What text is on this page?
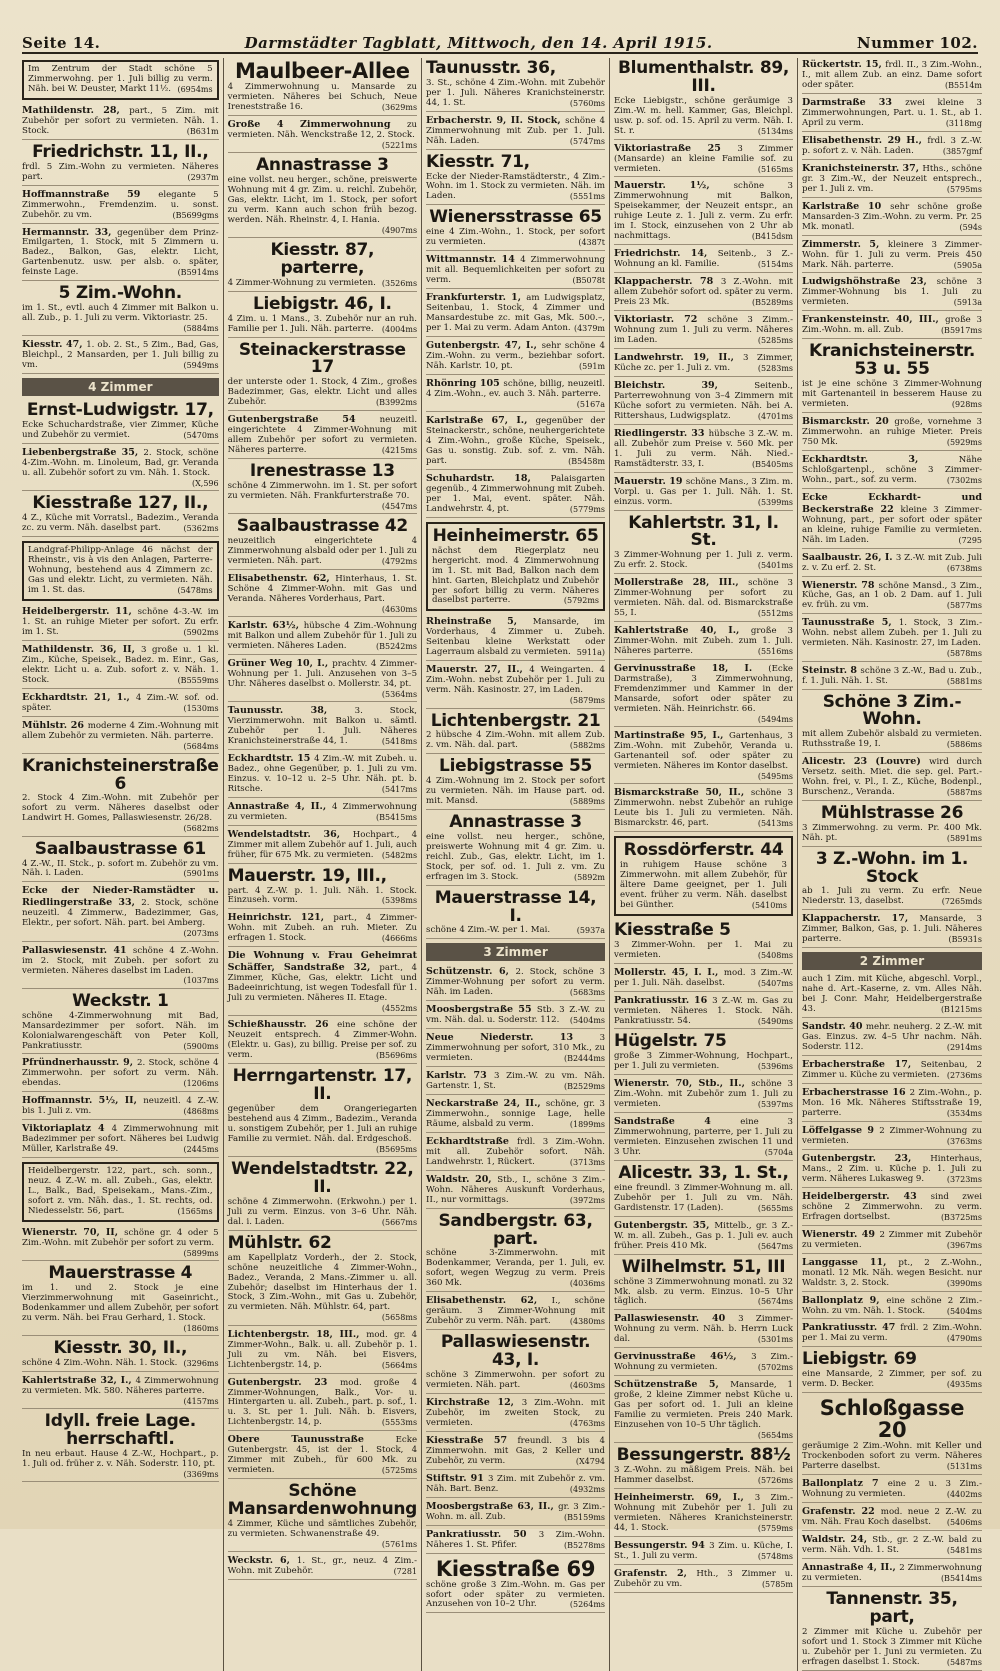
Seite 14.	Darmstädter Tagblatt, Mittwoch, den 14. April 1915.	Nummer 102.
Im Zentrum der Stadt schöne 5 Zimmerwohng. per 1. Juli billig zu verm. Näh. bei W. Deuster, Markt 11½. (6954ms
Mathildenstr. 28, part., 5 Zim. mit Zubehör per sofort zu vermieten. Näh. 1. Stock.	(B631m
Friedrichstr. 11, II.,
frdl. 5 Zim.-Wohn zu vermieten. Näheres part.	(2937m
Hoffmannstraße 59 elegante 5 Zimmerwohn., Fremdenzim. u. sonst. Zubehör. zu vm.	(B5699gms
Hermannstr. 33, gegenüber dem Prinz-Emilgarten, 1. Stock, mit 5 Zimmern u. Badez., Balkon, Gas, elektr. Licht, Gartenbenutz. usw. per alsb. o. später, feinste Lage.	(B5914ms
5 Zim.-Wohn.
im 1. St., evtl. auch 4 Zimmer mit Balkon u. all. Zub., p. 1. Juli zu verm. Viktoriastr. 25.
(5884ms
Kiesstr. 47, 1. ob. 2. St., 5 Zim., Bad, Gas, Bleichpl., 2 Mansarden, per 1. Juli billig zu vm.	(5949ms
4 Zimmer
Ernst-Ludwigstr. 17,
Ecke Schuchardstraße, vier Zimmer, Küche und Zubehör zu vermiet.	(5470ms
Liebenbergstraße 35, 2. Stock, schöne 4-Zim.-Wohn. m. Linoleum, Bad, gr. Veranda u. all. Zubehör sofort zu vm. Näh. 1. Stock.
(X,596
Kiesstraße 127, II.,
4 Z., Küche mit Vorratsl., Badezim., Veranda zc. zu verm. Näh. daselbst part.	(5362ms
Landgraf-Philipp-Anlage 46 nächst der Rheinstr., vis à vis den Anlagen, Parterre-Wohnung, bestehend aus 4 Zimmern zc. Gas und elektr. Licht, zu vermieten. Näh. im 1. St. das.	(5478ms
Heidelbergerstr. 11, schöne 4-3.-W. im 1. St. an ruhige Mieter per sofort. Zu erfr. im 1. St.	(5902ms
Mathildenstr. 36, II, 3 große u. 1 kl. Zim., Küche, Speisek., Badez. m. Einr., Gas, elektr. Licht u. a. Zub. sofort z. v. Näh. 1. Stock.	(B5559ms
Eckhardtstr. 21, 1., 4 Zim.-W. sof. od. später.	(1530ms
Mühlstr. 26 moderne 4 Zim.-Wohnung mit allem Zubehör zu vermieten. Näh. parterre.
(5684ms
Kranichsteinerstraße 6
2. Stock 4 Zim.-Wohn. mit Zubehör per sofort zu verm. Näheres daselbst oder Landwirt H. Gomes, Pallaswiesenstr. 26/28.
(5682ms
Saalbaustrasse 61
4 Z.-W., II. Stck., p. sofort m. Zubehör zu vm. Näh. i. Laden.	(5901ms
Ecke der Nieder-Ramstädter u. Riedlingerstraße 33, 2. Stock, schöne neuzeitl. 4 Zimmerw., Badezimmer, Gas, Elektr., per sofort. Näh. part. bei Amberg.
(2073ms
Pallaswiesenstr. 41 schöne 4 Z.-Wohn. im 2. Stock, mit Zubeh. per sofort zu vermieten. Näheres daselbst im Laden.
(1037ms
Weckstr. 1
schöne 4-Zimmerwohnung mit Bad, Mansardezimmer per sofort. Näh. im Kolonialwarengeschäft von Peter Koll, Pankratiusstr.	(5900ms
Pfründnerhausstr. 9, 2. Stock, schöne 4 Zimmerwohn. per sofort zu verm. Näh. ebendas.	(1206ms
Hoffmannstr. 5½, II, neuzeitl. 4 Z.-W. bis 1. Juli z. vm.	(4868ms
Viktoriaplatz 4 4 Zimmerwohnung mit Badezimmer per sofort. Näheres bei Ludwig Müller, Karlstraße 49.	(2445ms
Heidelbergerstr. 122, part., sch. sonn., neuz. 4 Z.-W. m. all. Zubeh., Gas, elektr. L., Balk., Bad, Speisekam., Mans.-Zim., sofort z. vm. Näh. das., 1. St. rechts, od. Niedesselstr. 56, part.	(1565ms
Wienerstr. 70, II, schöne gr. 4 oder 5 Zim.-Wohn. mit Zubehör per sofort zu verm.
(5899ms
Mauerstrasse 4
im 1. und 2. Stock je eine Vierzimmerwohnung mit Gaseinricht., Bodenkammer und allem Zubehör, per sofort zu verm. Näh. bei Frau Gerhard, 1. Stock.
(1860ms
Kiesstr. 30, II.,
schöne 4 Zim.-Wohn. Näh. 1. Stock. (3296ms
Kahlertstraße 32, I., 4 Zimmerwohnung zu vermieten. Mk. 580. Näheres parterre.
(4157ms
Idyll. freie Lage. herrschaftl.
In neu erbaut. Hause 4 Z.-W., Hochpart., p. 1. Juli od. früher z. v. Näh. Soderstr. 110, pt.
(3369ms
Maulbeer-Allee
4 Zimmerwohnung u. Mansarde zu vermieten. Näheres bei Schuch, Neue Ireneststraße 16.	(3629ms
Große 4 Zimmerwohnung zu vermieten. Näh. Wenckstraße 12, 2. Stock.
(5221ms
Annastrasse 3
eine vollst. neu herger., schöne, preiswerte Wohnung mit 4 gr. Zim. u. reichl. Zubehör, Gas, elektr. Licht, im 1. Stock, per sofort zu verm. Kann auch schon früh bezog. werden. Näh. Rheinstr. 4, I. Hania.
(4907ms
Kiesstr. 87, parterre,
4 Zimmer-Wohnung zu vermieten. (3526ms
Liebigstr. 46, I.
4 Zim. u. 1 Mans., 3. Zubehör nur an ruh. Familie per 1. Juli. Näh. parterre.	(4004ms
Steinackerstrasse 17
der unterste oder 1. Stock, 4 Zim., großes Badezimmer, Gas, elektr. Licht und alles Zubehör.	(B3992ms
Gutenbergstraße 54 neuzeitl. eingerichtete 4 Zimmer-Wohnung mit allem Zubehör per sofort zu vermieten. Näheres parterre.	(4215ms
Irenestrasse 13
schöne 4 Zimmerwohn. im 1. St. per sofort zu vermieten. Näh. Frankfurterstraße 70.
(4547ms
Saalbaustrasse 42
neuzeitlich eingerichtete 4 Zimmerwohnung alsbald oder per 1. Juli zu vermieten. Näh. part.	(4792ms
Elisabethenstr. 62, Hinterhaus, 1. St. Schöne 4 Zimmer-Wohn. mit Gas und Veranda. Näheres Vorderhaus, Part.
(4630ms
Karlstr. 63½, hübsche 4 Zim.-Wohnung mit Balkon und allem Zubehör für 1. Juli zu vermieten. Näheres Laden.	(B5242ms
Grüner Weg 10, I., prachtv. 4 Zimmer-Wohnung per 1. Juli. Anzusehen von 3–5 Uhr. Näheres daselbst o. Mollerstr. 34, pt.
(5364ms
Taunusstr. 38, 3. Stock, Vierzimmerwohn. mit Balkon u. sämtl. Zubehör per 1. Juli. Näheres Kranichsteinerstraße 44, 1.	(5418ms
Eckhardtstr. 15 4 Zim.-W. mit Zubeh. u. Badez., ohne Gegenüber, p. 1. Juli zu vm. Einzus. v. 10–12 u. 2–5 Uhr. Näh. pt. b. Ritsche.	(5417ms
Annastraße 4, II., 4 Zimmerwohnung zu vermieten.	(B5415ms
Wendelstadtstr. 36, Hochpart., 4 Zimmer mit allem Zubehör auf 1. Juli, auch früher, für 675 Mk. zu vermieten.	(5482ms
Mauerstr. 19, III.,
part. 4 Z.-W. p. 1. Juli. Näh. 1. Stock. Einzuseh. vorm.	(5398ms
Heinrichstr. 121, part., 4 Zimmer-Wohn. mit Zubeh. an ruh. Mieter. Zu erfragen 1. Stock.	(4666ms
Die Wohnung v. Frau Geheimrat Schäffer, Sandstraße 32, part., 4 Zimmer, Küche, Gas, elektr. Licht und Badeeinrichtung, ist wegen Todesfall für 1. Juli zu vermieten. Näheres II. Etage.
(4552ms
Schießhausstr. 26 eine schöne der Neuzeit entsprech. 4 Zimmer-Wohn. (Elektr. u. Gas), zu billig. Preise per sof. zu verm.	(B5696ms
Herrngartenstr. 17, II.
gegenüber dem Orangeriegarten bestehend aus 4 Zimm., Badezim., Veranda u. sonstigem Zubehör, per 1. Juli an ruhige Familie zu vermiet. Näh. dal. Erdgeschoß.
(B5695ms
Wendelstadtstr. 22, II.
schöne 4 Zimmerwohn. (Erkwohn.) per 1. Juli zu verm. Einzus. von 3–6 Uhr. Näh. dal. i. Laden.	(5667ms
Mühlstr. 62
am Kapellplatz Vorderh., der 2. Stock, schöne neuzeitliche 4 Zimmer-Wohn., Badez., Veranda, 2 Mans.-Zimmer u. all. Zubehör; daselbst im Hinterhaus der 1. Stock, 3 Zim.-Wohn., mit Gas u. Zubehör, zu vermieten. Näh. Mühlstr. 64, part.
(5658ms
Lichtenbergstr. 18, III., mod. gr. 4 Zimmer-Wohn., Balk. u. all. Zubehör p. 1. Juli zu vm. Näh. bei Eisvers, Lichtenbergstr. 14, p.	(5664ms
Gutenbergstr. 23 mod. große 4 Zimmer-Wohnungen, Balk., Vor- u. Hintergarten u. all. Zubeh., part. p. sof., 1. u. 3. St. per 1. Juli. Näh. b. Eisvers, Lichtenbergstr. 14, p.	(5553ms
Obere Taunusstraße Ecke Gutenbergstr. 45, ist der 1. Stock, 4 Zimmer mit Zubeh., für 600 Mk. zu vermieten.	(5725ms
Schöne Mansardenwohnung
4 Zimmer, Küche und sämtliches Zubehör, zu vermieten. Schwanenstraße 49.
(5761ms
Weckstr. 6, 1. St., gr., neuz. 4 Zim.-Wohn. mit Zubehör.	(7281
Taunusstr. 36,
3. St., schöne 4 Zim.-Wohn. mit Zubehör per 1. Juli. Näheres Kranichsteinerstr. 44, 1. St.	(5760ms
Erbacherstr. 9, II. Stock, schöne 4 Zimmerwohnung mit Zub. per 1. Juli. Näh. Laden.	(5747ms
Kiesstr. 71,
Ecke der Nieder-Ramstädterstr., 4 Zim.-Wohn. im 1. Stock zu vermieten. Näh. im Laden.	(5551ms
Wienersstrasse 65
eine 4 Zim.-Wohn., 1. Stock, per sofort zu vermieten.	(4387t
Wittmannstr. 14 4 Zimmerwohnung mit all. Bequemlichkeiten per sofort zu verm.	(B5078t
Frankfurterstr. 1, am Ludwigsplatz, Seitenbau, 1. Stock, 4 Zimmer und Mansardestube zc. mit Gas, Mk. 500.–, per 1. Mai zu verm. Adam Anton. (4379m
Gutenbergstr. 47, I., sehr schöne 4 Zim.-Wohn. zu verm., beziehbar sofort. Näh. Karlstr. 10, pt.	(591m
Rhönring 105 schöne, billig, neuzeitl. 4 Zim.-Wohn., ev. auch 3. Näh. parterre.
(5167a
Karlstraße 67, I., gegenüber der Steinackerstr., schöne, neuhergerichtete 4 Zim.-Wohn., große Küche, Speisek., Gas u. sonstig. Zub. sof. z. vm. Näh. part.	(B5458m
Schuhardstr. 18, Palaisgarten gegenüb., 4 Zimmerwohnung mit Zubeh. per 1. Mai, event. später. Näh. Landwehrstr. 4, pt.	(5779ms
Heinheimerstr. 65
nächst dem Riegerplatz neu hergericht. mod. 4 Zimmerwohnung im 1. St. mit Bad, Balkon nach dem hint. Garten, Bleichplatz und Zubehör per sofort billig zu verm. Näheres daselbst parterre.	(5792ms
Rheinstraße 5, Mansarde, im Vorderhaus, 4 Zimmer u. Zubeh. Seitenbau kleine Werkstatt oder Lagerraum alsbald zu vermieten. 5911a)
Mauerstr. 27, II., 4 Weingarten. 4 Zim.-Wohn. nebst Zubehör per 1. Juli zu verm. Näh. Kasinostr. 27, im Laden.
(5879ms
Lichtenbergstr. 21
2 hübsche 4 Zim.-Wohn. mit allem Zub. z. vm. Näh. dal. part.	(5882ms
Liebigstrasse 55
4 Zim.-Wohnung im 2. Stock per sofort zu vermieten. Näh. im Hause part. od. mit. Mansd.	(5889ms
Annastrasse 3
eine vollst. neu herger., schöne, preiswerte Wohnung mit 4 gr. Zim. u. reichl. Zub., Gas, elektr. Licht, im 1. Stock, per sof. od. 1. Juli z. vm. Zu erfragen im 3. Stock.	(5892m
Mauerstrasse 14, I.
schöne 4 Zim.-W. per 1. Mai.	(5937a
3 Zimmer
Schützenstr. 6, 2. Stock, schöne 3 Zimmer-Wohnung per sofort zu verm. Näh. im Laden.	(5683ms
Moosbergstraße 55 Stb. 3 Z.-W. zu vm. Näh. dal. u. Soderstr. 112.	(5404ms
Neue Niederstr. 13 3 Zimmerwohnung per sofort, 310 Mk., zu vermieten.	(B2444ms
Karlstr. 73 3 Zim.-W. zu vm. Näh. Gartenstr. 1, St.	(B2529ms
Neckarstraße 24, II., schöne, gr. 3 Zimmerwohn., sonnige Lage, helle Räume, alsbald zu verm.	(1899ms
Eckhardtstraße frdl. 3 Zim.-Wohn. mit all. Zubehör sofort. Näh. Landwehrstr. 1, Rückert.	(3713ms
Waldstr. 20, Stb., I., schöne 3 Zim.-Wohn. Näheres Auskunft Vorderhaus, II., nur vormittags.	(3972ms
Sandbergstr. 63, part.
schöne 3-Zimmerwohn. mit Bodenkammer, Veranda, per 1. Juli, ev. sofort, wegen Wegzug zu verm. Preis 360 Mk.	(4036ms
Elisabethenstr. 62, I., schöne geräum. 3 Zimmer-Wohnung mit Zubehör zu verm. Näh. part.	(4380ms
Pallaswiesenstr. 43, I.
schöne 3 Zimmerwohn. per sofort zu vermieten. Näh. part.	(4603ms
Kirchstraße 12, 3 Zim.-Wohn. mit Zubehör, im zweiten Stock, zu vermieten.	(4763ms
Kiesstraße 57 freundl. 3 bis 4 Zimmerwohn. mit Gas, 2 Keller und Zubehör, zu verm.	(X4794
Stiftstr. 91 3 Zim. mit Zubehör z. vm. Näh. Bart. Benz.	(4932ms
Moosbergstraße 63, II., gr. 3 Zim.-Wohn. m. all. Zub.	(B5159ms
Pankratiusstr. 50 3 Zim.-Wohn. Näheres 1. St. Pfifer.	(B5278ms
Kiesstraße 69
schöne große 3 Zim.-Wohn. m. Gas per sofort oder später zu vermieten. Anzusehen von 10–2 Uhr.	(5264ms
Blumenthalstr. 89, III.
Ecke Liebigstr., schöne geräumige 3 Zim.-W. m. hell. Kammer, Gas, Bleichpl. usw. p. sof. od. 15. April zu verm. Näh. I. St. r.	(5134ms
Viktoriastraße 25 3 Zimmer (Mansarde) an kleine Familie sof. zu vermieten.	(5165ms
Mauerstr. 1½, schöne 3 Zimmerwohnung mit Balkon, Speisekammer, der Neuzeit entspr., an ruhige Leute z. 1. Juli z. verm. Zu erfr. im I. Stock, einzusehen von 2 Uhr ab nachmittags.	(B415dsm
Friedrichstr. 14, Seitenb., 3 Z.-Wohnung an kl. Familie.	(5154ms
Klappacherstr. 78 3 Z.-Wohn. mit allem Zubehör sofort od. später zu verm. Preis 23 Mk.	(B5289ms
Viktoriastr. 72 schöne 3 Zimm.-Wohnung zum 1. Juli zu verm. Näheres im Laden.	(5285ms
Landwehrstr. 19, II., 3 Zimmer, Küche zc. per 1. Juli z. vm.	(5283ms
Bleichstr. 39, Seitenb., Parterrewohnung von 3–4 Zimmern mit Küche sofort zu vermieten. Näh. bei A. Rittershaus, Ludwigsplatz.	(4701ms
Riedlingerstr. 33 hübsche 3 Z.-W. m. all. Zubehör zum Preise v. 560 Mk. per 1. Juli zu verm. Näh. Nied.-Ramstädterstr. 33, I.	(B5405ms
Mauerstr. 19 schöne Mans., 3 Zim. m. Vorpl. u. Gas per 1. Juli. Näh. 1. St. einzus. vorm.	(5399ms
Kahlertstr. 31, I. St.
3 Zimmer-Wohnung per 1. Juli z. verm. Zu erfr. 2. Stock.	(5401ms
Mollerstraße 28, III., schöne 3 Zimmer-Wohnung per sofort zu vermieten. Näh. dal. od. Bismarckstraße 55, I.	(5512ms
Kahlertstraße 40, I., große 3 Zimmer-Wohn. mit Zubeh. zum 1. Juli. Näheres parterre.	(5516ms
Gervinusstraße 18, I. (Ecke Darmstraße), 3 Zimmerwohnung, Fremdenzimmer und Kammer in der Mansarde, sofort oder später zu vermieten. Näh. Heinrichstr. 66.
(5494ms
Martinstraße 95, I., Gartenhaus, 3 Zim.-Wohn. mit Zubehör, Veranda u. Gartenanteil sof. oder später zu vermieten. Näheres im Kontor daselbst.
(5495ms
Bismarckstraße 50, II., schöne 3 Zimmerwohn. nebst Zubehör an ruhige Leute bis 1. Juli zu vermieten. Näh. Bismarckstr. 46, part.	(5413ms
Rossdörferstr. 44
in ruhigem Hause schöne 3 Zimmerwohn. mit allem Zubehör, für ältere Dame geeignet, per 1. Juli event. früher zu verm. Näh. daselbst bei Günther.	(5410ms
Kiesstraße 5
3 Zimmer-Wohn. per 1. Mai zu vermieten.	(5408ms
Mollerstr. 45, I. I., mod. 3 Zim.-W. per 1. Juli. Näh. daselbst.	(5407ms
Pankratiusstr. 16 3 Z.-W. m. Gas zu vermieten. Näheres 1. Stock. Näh. Pankratiusstr. 54.	(5490ms
Hügelstr. 75
große 3 Zimmer-Wohnung, Hochpart., per 1. Juli zu vermieten.	(5396ms
Wienerstr. 70, Stb., II., schöne 3 Zim.-Wohn. mit Zubehör zum 1. Juli zu vermieten.	(5397ms
Sandstraße 4 eine 3 Zimmerwohnung, parterre, per 1. Juli zu vermieten. Einzusehen zwischen 11 und 3 Uhr.	(5704a
Alicestr. 33, 1. St.,
eine freundl. 3 Zimmer-Wohnung m. all. Zubehör per 1. Juli zu vm. Näh. Gardistenstr. 17 (Laden).	(5655ms
Gutenbergstr. 35, Mittelb., gr. 3 Z.-W. m. all. Zubeh., Gas p. 1. Juli ev. auch früher. Preis 410 Mk.	(5647ms
Wilhelmstr. 51, III
schöne 3 Zimmerwohnung monatl. zu 32 Mk. alsb. zu verm. Einzus. 10–5 Uhr täglich.	(5674ms
Pallaswiesenstr. 40 3 Zimmer-Wohnung zu verm. Näh. b. Herrn Luck dal.	(5301ms
Gervinusstraße 46½, 3 Zim.-Wohnung zu vermieten.	(5702ms
Schützenstraße 5, Mansarde, 1 große, 2 kleine Zimmer nebst Küche u. Gas per sofort od. 1. Juli an kleine Familie zu vermieten. Preis 240 Mark. Einzusehen von 10–5 Uhr täglich.
(5654ms
Bessungerstr. 88½
3 Z.-Wohn. zu mäßigem Preis. Näh. bei Hammer daselbst.	(5726ms
Heinheimerstr. 69, I., 3 Zim.-Wohnung mit Zubehör per 1. Juli zu vermieten. Näheres Kranichsteinerstr. 44, 1. Stock.	(5759ms
Bessungerstr. 94 3 Zim. u. Küche, I. St., 1. Juli zu verm.	(5748ms
Grafenstr. 2, Hth., 3 Zimmer u. Zubehör zu vm.	(5785m
Rückertstr. 15, frdl. II., 3 Zim.-Wohn., I., mit allem Zub. an einz. Dame sofort oder später.	(B5514m
Darmstraße 33 zwei kleine 3 Zimmerwohnungen, Part. u. 1. St., ab 1. April zu verm.	(3118mg
Elisabethenstr. 29 H., frdl. 3 Z.-W. p. sofort z. v. Näh. Laden.	(3857gmf
Kranichsteinerstr. 37, Hths., schöne gr. 3 Zim.-W., der Neuzeit entsprech., per 1. Juli z. vm.	(5795ms
Karlstraße 10 sehr schöne große Mansarden-3 Zim.-Wohn. zu verm. Pr. 25 Mk. monatl.	(594s
Zimmerstr. 5, kleinere 3 Zimmer-Wohn. für 1. Juli zu verm. Preis 450 Mark. Näh. parterre.	(5905a
Ludwigshöhstraße 23, schöne 3 Zimmer-Wohnung bis 1. Juli zu vermieten.	(5913a
Frankensteinstr. 40, III., große 3 Zim.-Wohn. m. all. Zub.	(B5917ms
Kranichsteinerstr. 53 u. 55
ist je eine schöne 3 Zimmer-Wohnung mit Gartenanteil in besserem Hause zu vermieten.	(928ms
Bismarckstr. 20 große, vornehme 3 Zimmerwohn. an ruhige Mieter. Preis 750 Mk.	(5929ms
Eckhardtstr. 3, Nähe Schloßgartenpl., schöne 3 Zimmer-Wohn., part., sof. zu verm.	(7302ms
Ecke Eckhardt- und Beckerstraße 22 kleine 3 Zimmer-Wohnung, part., per sofort oder später an kleine, ruhige Familie zu vermieten. Näh. im Laden.	(7295
Saalbaustr. 26, I. 3 Z.-W. mit Zub. Juli z. v. Zu erf. 2. St.	(6738ms
Wienerstr. 78 schöne Mansd., 3 Zim., Küche, Gas, an 1 ob. 2 Dam. auf 1. Juli ev. früh. zu vm.	(5877ms
Taunusstraße 5, 1. Stock, 3 Zim.-Wohn. nebst allem Zubeh. per 1. Juli zu vermieten. Näh. Kasinostr. 27, im Laden.
(5878ms
Steinstr. 8 schöne 3 Z.-W., Bad u. Zub., f. 1. Juli. Näh. 1. St.	(5881ms
Schöne 3 Zim.-Wohn.
mit allem Zubehör alsbald zu vermieten. Ruthsstraße 19, I.	(5886ms
Alicestr. 23 (Louvre) wird durch Versetz. seith. Miet. die sep. gel. Part.-Wohn. frei, v. Pl., I. Z., Küche, Bodenpl., Burschenz., Veranda.	(5887ms
Mühlstrasse 26
3 Zimmerwohng. zu verm. Pr. 400 Mk. Näh. pt.	(5891ms
3 Z.-Wohn. im 1. Stock
ab 1. Juli zu verm. Zu erfr. Neue Niederstr. 13, daselbst.	(7265mds
Klappacherstr. 17, Mansarde, 3 Zimmer, Balkon, Gas, p. 1. Juli. Näheres parterre.	(B5931s
2 Zimmer
auch 1 Zim. mit Küche, abgeschl. Vorpl., nahe d. Art.-Kaserne, z. vm. Alles Näh. bei J. Conr. Mahr, Heidelbergerstraße 43.	(B1215ms
Sandstr. 40 mehr. neuherg. 2 Z.-W. mit Gas. Einzus. zw. 4–5 Uhr nachm. Näh. Soderstr. 112.	(2914ms
Erbacherstraße 17, Seitenbau, 2 Zimmer u. Küche zu vermieten. (2736ms
Erbacherstrasse 16 2 Zim.-Wohn., p. Mon. 16 Mk. Näheres Stiftsstraße 19, parterre.	(3534ms
Löffelgasse 9 2 Zimmer-Wohnung zu vermieten.	(3763ms
Gutenbergstr. 23, Hinterhaus, Mans., 2 Zim. u. Küche p. 1. Juli zu verm. Näheres Lukasweg 9.	(3723ms
Heidelbergerstr. 43 sind zwei schöne 2 Zimmerwohn. zu verm. Erfragen dortselbst.	(B3725ms
Wienerstr. 49 2 Zimmer mit Zubehör zu vermieten.	(3967ms
Langgasse 11, pt., 2 Z.-Wohn., monatl. 12 Mk. Näh. wegen Besicht. nur Waldstr. 3, 2. Stock.	(3990ms
Ballonplatz 9, eine schöne 2 Zim.-Wohn. zu vm. Näh. 1. Stock.	(5404ms
Pankratiusstr. 47 frdl. 2 Zim.-Wohn. per 1. Mai zu verm.	(4790ms
Liebigstr. 69
eine Mansarde, 2 Zimmer, per sof. zu verm. D. Becker.	(4935ms
Schloßgasse 20
geräumige 2 Zim.-Wohn. mit Keller und Trockenboden sofort zu verm. Näheres Parterre daselbst.	(5131ms
Ballonplatz 7 eine 2 u. 3 Zim.-Wohnung zu vermieten.	(4402ms
Grafenstr. 22 mod. neue 2 Z.-W. zu vm. Näh. Frau Koch daselbst.	(5406ms
Waldstr. 24, Stb., gr. 2 Z.-W. bald zu verm. Näh. Vdh. 1. St.	(5481ms
Annastraße 4, II., 2 Zimmerwohnung zu vermieten.	(B5414ms
Tannenstr. 35, part,
2 Zimmer mit Küche u. Zubehör per sofort und 1. Stock 3 Zimmer mit Küche u. Zubehör per 1. Juni zu vermieten. Zu erfragen daselbst 1. Stock.	(5487ms
